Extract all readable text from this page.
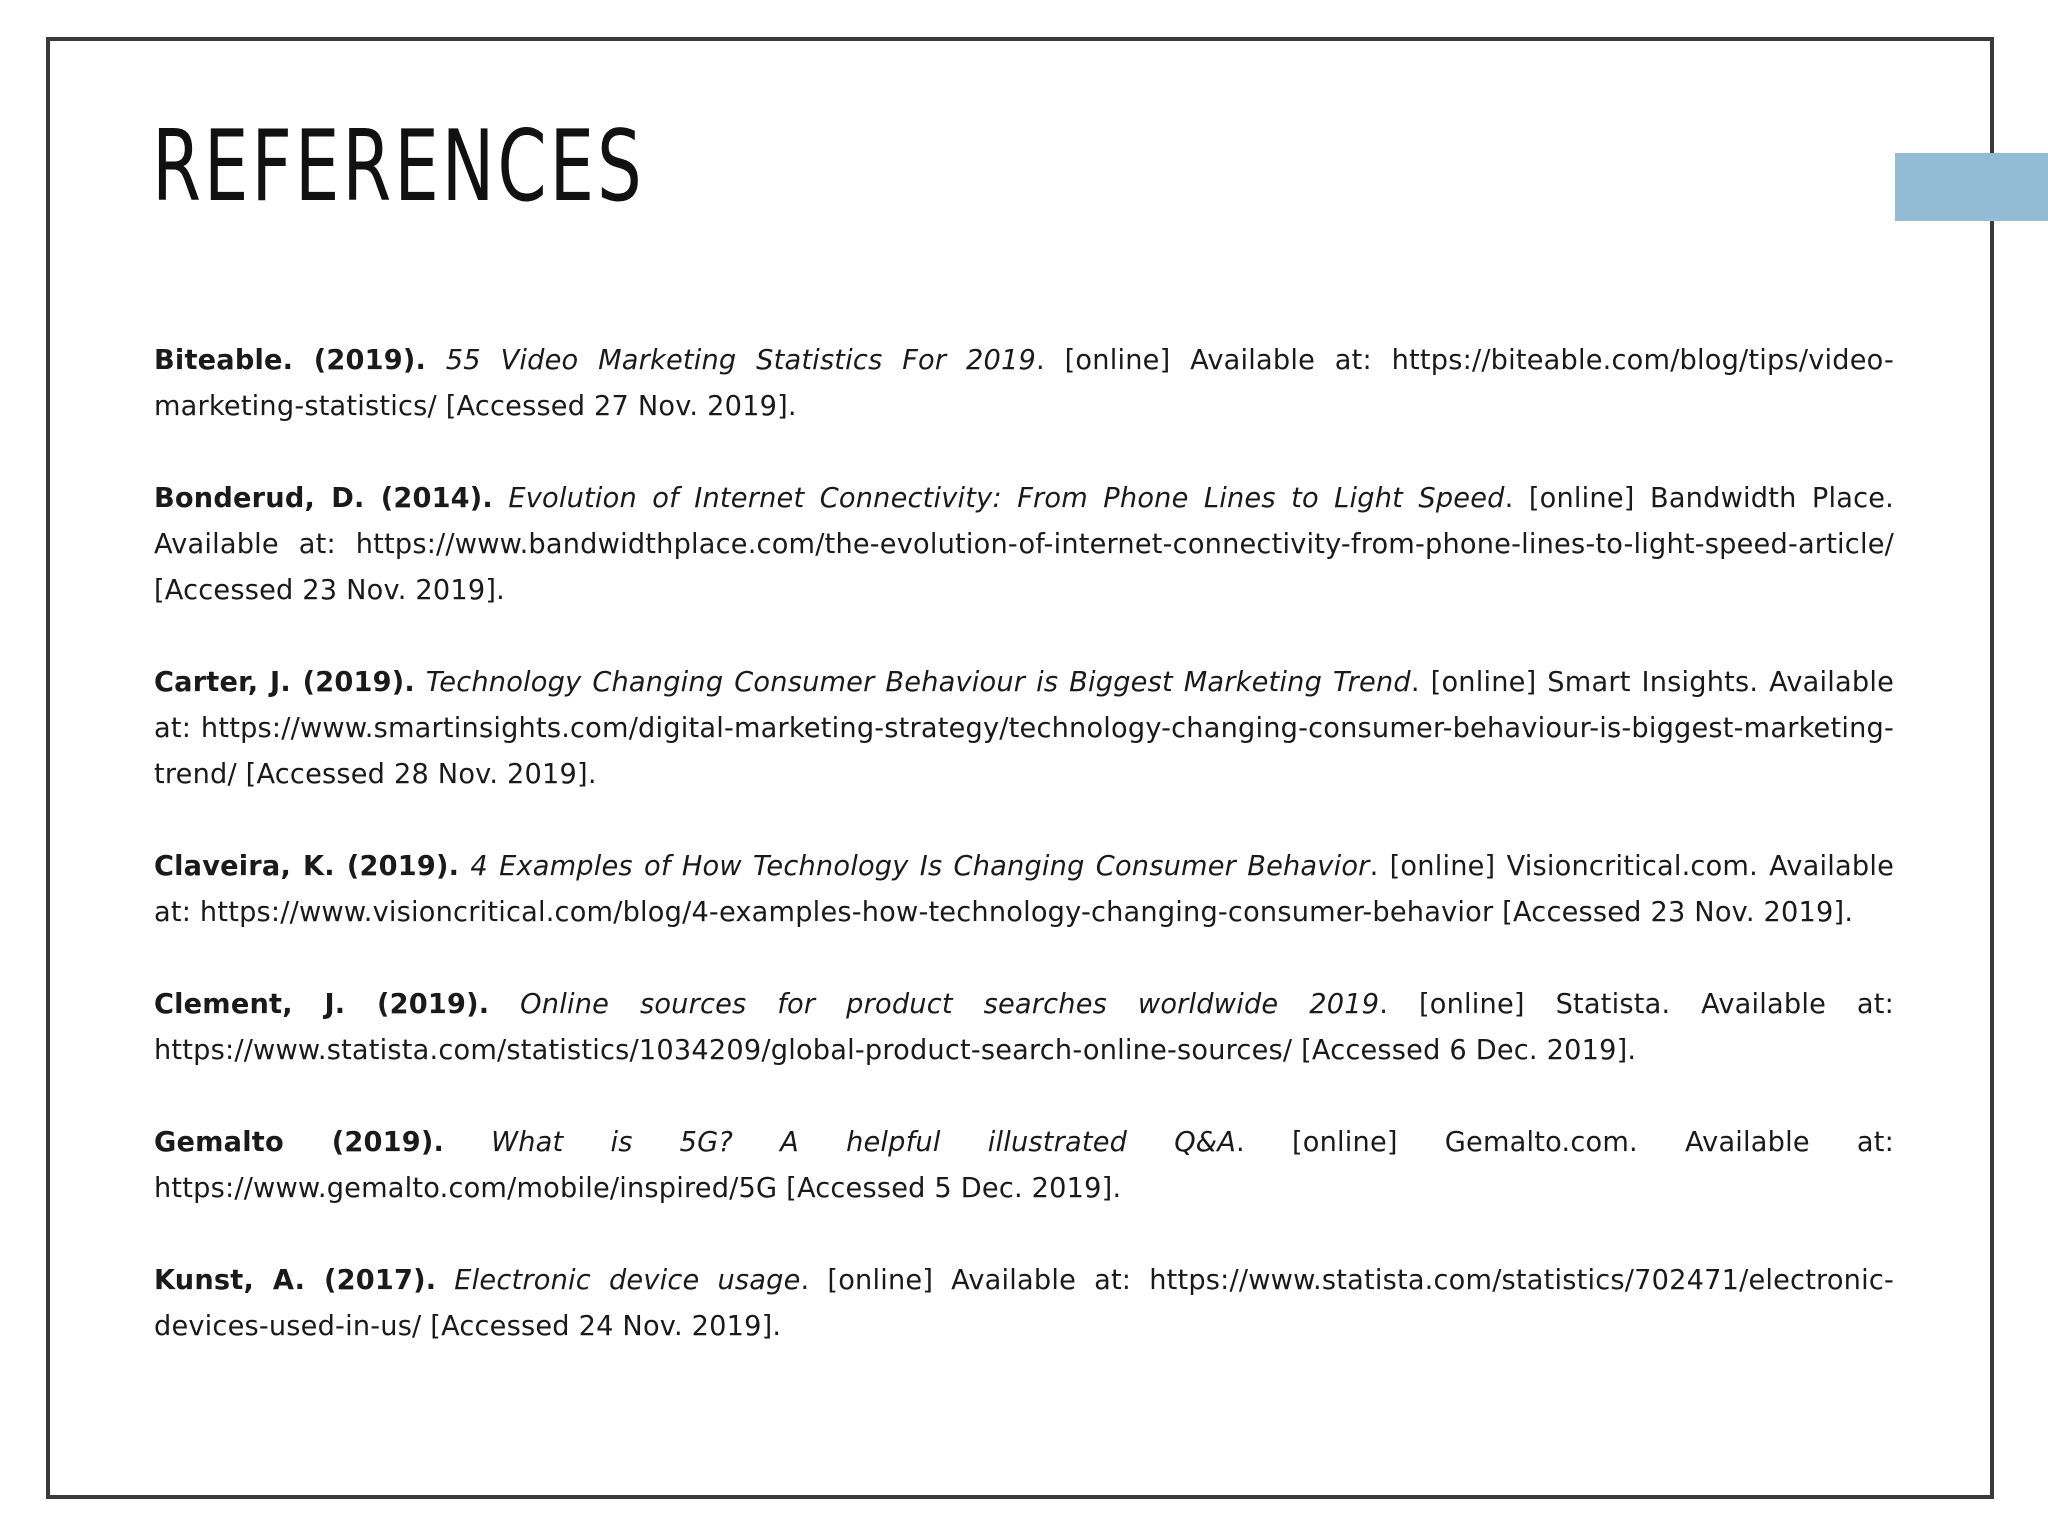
REFERENCES

Biteable. (2019). 55 Video Marketing Statistics For 2019. [online] Available at: https://biteable.com/blog/tips/video-marketing-statistics/ [Accessed 27 Nov. 2019].

Bonderud, D. (2014). Evolution of Internet Connectivity: From Phone Lines to Light Speed. [online] Bandwidth Place. Available at: https://www.bandwidthplace.com/the-evolution-of-internet-connectivity-from-phone-lines-to-light-speed-article/ [Accessed 23 Nov. 2019].

Carter, J. (2019). Technology Changing Consumer Behaviour is Biggest Marketing Trend. [online] Smart Insights. Available at: https://www.smartinsights.com/digital-marketing-strategy/technology-changing-consumer-behaviour-is-biggest-marketing-trend/ [Accessed 28 Nov. 2019].

Claveira, K. (2019). 4 Examples of How Technology Is Changing Consumer Behavior. [online] Visioncritical.com. Available at: https://www.visioncritical.com/blog/4-examples-how-technology-changing-consumer-behavior [Accessed 23 Nov. 2019].

Clement, J. (2019). Online sources for product searches worldwide 2019. [online] Statista. Available at: https://www.statista.com/statistics/1034209/global-product-search-online-sources/ [Accessed 6 Dec. 2019].

Gemalto (2019). What is 5G? A helpful illustrated Q&A. [online] Gemalto.com. Available at: https://www.gemalto.com/mobile/inspired/5G [Accessed 5 Dec. 2019].

Kunst, A. (2017). Electronic device usage. [online] Available at: https://www.statista.com/statistics/702471/electronic-devices-used-in-us/ [Accessed 24 Nov. 2019].
